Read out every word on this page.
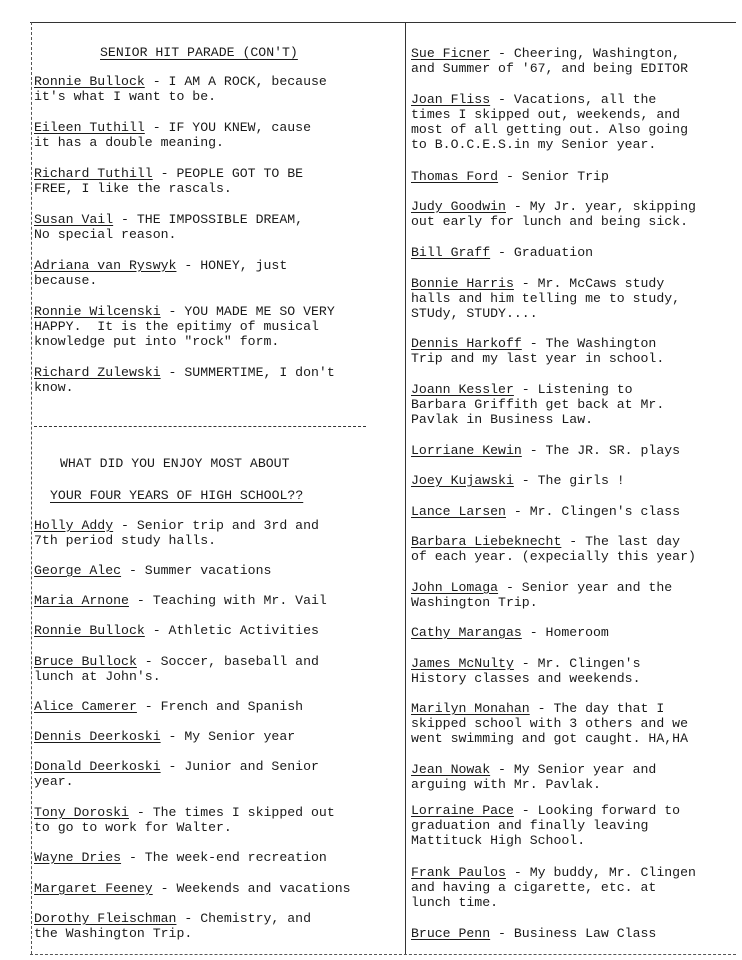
SENIOR HIT PARADE (CON'T)
Ronnie Bullock - I AM A ROCK, because
it's what I want to be.
Eileen Tuthill - IF YOU KNEW, cause
it has a double meaning.
Richard Tuthill - PEOPLE GOT TO BE
FREE, I like the rascals.
Susan Vail - THE IMPOSSIBLE DREAM,
No special reason.
Adriana van Ryswyk - HONEY, just
because.
Ronnie Wilcenski - YOU MADE ME SO VERY
HAPPY.  It is the epitimy of musical
knowledge put into "rock" form.
Richard Zulewski - SUMMERTIME, I don't
know.
WHAT DID YOU ENJOY MOST ABOUT
YOUR FOUR YEARS OF HIGH SCHOOL??
Holly Addy - Senior trip and 3rd and
7th period study halls.
George Alec - Summer vacations
Maria Arnone - Teaching with Mr. Vail
Ronnie Bullock - Athletic Activities
Bruce Bullock - Soccer, baseball and
lunch at John's.
Alice Camerer - French and Spanish
Dennis Deerkoski - My Senior year
Donald Deerkoski - Junior and Senior
year.
Tony Doroski - The times I skipped out
to go to work for Walter.
Wayne Dries - The week-end recreation
Margaret Feeney - Weekends and vacations
Dorothy Fleischman - Chemistry, and
the Washington Trip.
Sue Ficner - Cheering, Washington,
and Summer of '67, and being EDITOR
Joan Fliss - Vacations, all the
times I skipped out, weekends, and
most of all getting out. Also going
to B.O.C.E.S.in my Senior year.
Thomas Ford - Senior Trip
Judy Goodwin - My Jr. year, skipping
out early for lunch and being sick.
Bill Graff - Graduation
Bonnie Harris - Mr. McCaws study
halls and him telling me to study,
STUdy, STUDY....
Dennis Harkoff - The Washington
Trip and my last year in school.
Joann Kessler - Listening to
Barbara Griffith get back at Mr.
Pavlak in Business Law.
Lorriane Kewin - The JR. SR. plays
Joey Kujawski - The girls !
Lance Larsen - Mr. Clingen's class
Barbara Liebeknecht - The last day
of each year. (expecially this year)
John Lomaga - Senior year and the
Washington Trip.
Cathy Marangas - Homeroom
James McNulty - Mr. Clingen's
History classes and weekends.
Marilyn Monahan - The day that I
skipped school with 3 others and we
went swimming and got caught. HA,HA
Jean Nowak - My Senior year and
arguing with Mr. Pavlak.
Lorraine Pace - Looking forward to
graduation and finally leaving
Mattituck High School.
Frank Paulos - My buddy, Mr. Clingen
and having a cigarette, etc. at
lunch time.
Bruce Penn - Business Law Class
